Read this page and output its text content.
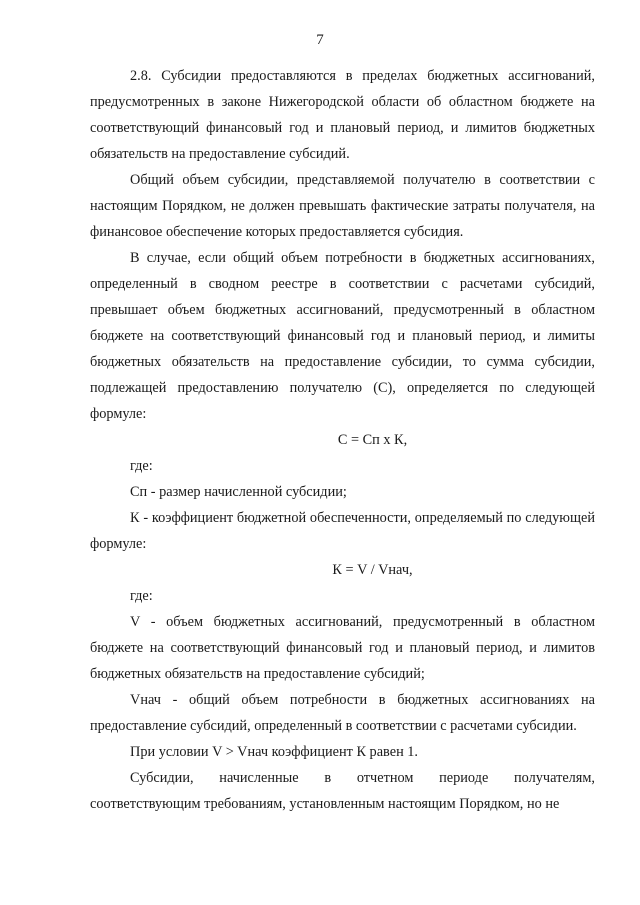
7

2.8. Субсидии предоставляются в пределах бюджетных ассигнований, предусмотренных в законе Нижегородской области об областном бюджете на соответствующий финансовый год и плановый период, и лимитов бюджетных обязательств на предоставление субсидий.

Общий объем субсидии, представляемой получателю в соответствии с настоящим Порядком, не должен превышать фактические затраты получателя, на финансовое обеспечение которых предоставляется субсидия.

В случае, если общий объем потребности в бюджетных ассигнованиях, определенный в сводном реестре в соответствии с расчетами субсидий, превышает объем бюджетных ассигнований, предусмотренный в областном бюджете на соответствующий финансовый год и плановый период, и лимиты бюджетных обязательств на предоставление субсидии, то сумма субсидии, подлежащей предоставлению получателю (С), определяется по следующей формуле:

С = Сп х К,

где:

Сп - размер начисленной субсидии;

К - коэффициент бюджетной обеспеченности, определяемый по следующей формуле:

К = V / Vнач,

где:

V - объем бюджетных ассигнований, предусмотренный в областном бюджете на соответствующий финансовый год и плановый период, и лимитов бюджетных обязательств на предоставление субсидий;

Vнач - общий объем потребности в бюджетных ассигнованиях на предоставление субсидий, определенный в соответствии с расчетами субсидии.

При условии V > Vнач коэффициент К равен 1.

Субсидии, начисленные в отчетном периоде получателям, соответствующим требованиям, установленным настоящим Порядком, но не
